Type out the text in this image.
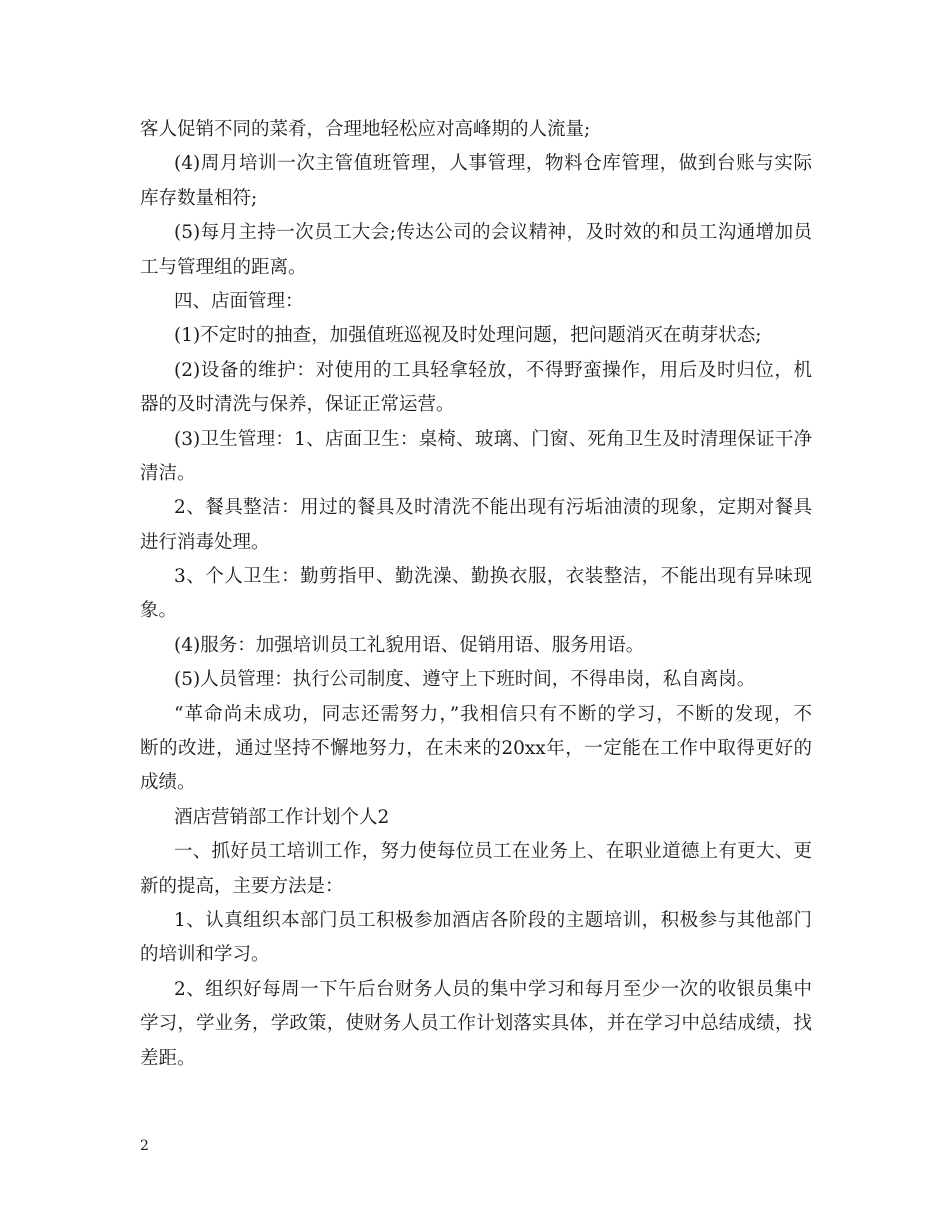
客人促销不同的菜肴，合理地轻松应对高峰期的人流量;
(4)周月培训一次主管值班管理，人事管理，物料仓库管理，做到台账与实际
库存数量相符;
(5)每月主持一次员工大会;传达公司的会议精神，及时效的和员工沟通增加员
工与管理组的距离。
四、店面管理：
(1)不定时的抽查，加强值班巡视及时处理问题，把问题消灭在萌芽状态;
(2)设备的维护：对使用的工具轻拿轻放，不得野蛮操作，用后及时归位，机
器的及时清洗与保养，保证正常运营。
(3)卫生管理：1、店面卫生：桌椅、玻璃、门窗、死角卫生及时清理保证干净
清洁。
2、餐具整洁：用过的餐具及时清洗不能出现有污垢油渍的现象，定期对餐具
进行消毒处理。
3、个人卫生：勤剪指甲、勤洗澡、勤换衣服，衣装整洁，不能出现有异味现
象。
(4)服务：加强培训员工礼貌用语、促销用语、服务用语。
(5)人员管理：执行公司制度、遵守上下班时间，不得串岗，私自离岗。
“革命尚未成功，同志还需努力，”我相信只有不断的学习，不断的发现，不
断的改进，通过坚持不懈地努力，在未来的20xx年，一定能在工作中取得更好的
成绩。
酒店营销部工作计划个人2
一、抓好员工培训工作，努力使每位员工在业务上、在职业道德上有更大、更
新的提高，主要方法是：
1、认真组织本部门员工积极参加酒店各阶段的主题培训，积极参与其他部门
的培训和学习。
2、组织好每周一下午后台财务人员的集中学习和每月至少一次的收银员集中
学习，学业务，学政策，使财务人员工作计划落实具体，并在学习中总结成绩，找
差距。
2
